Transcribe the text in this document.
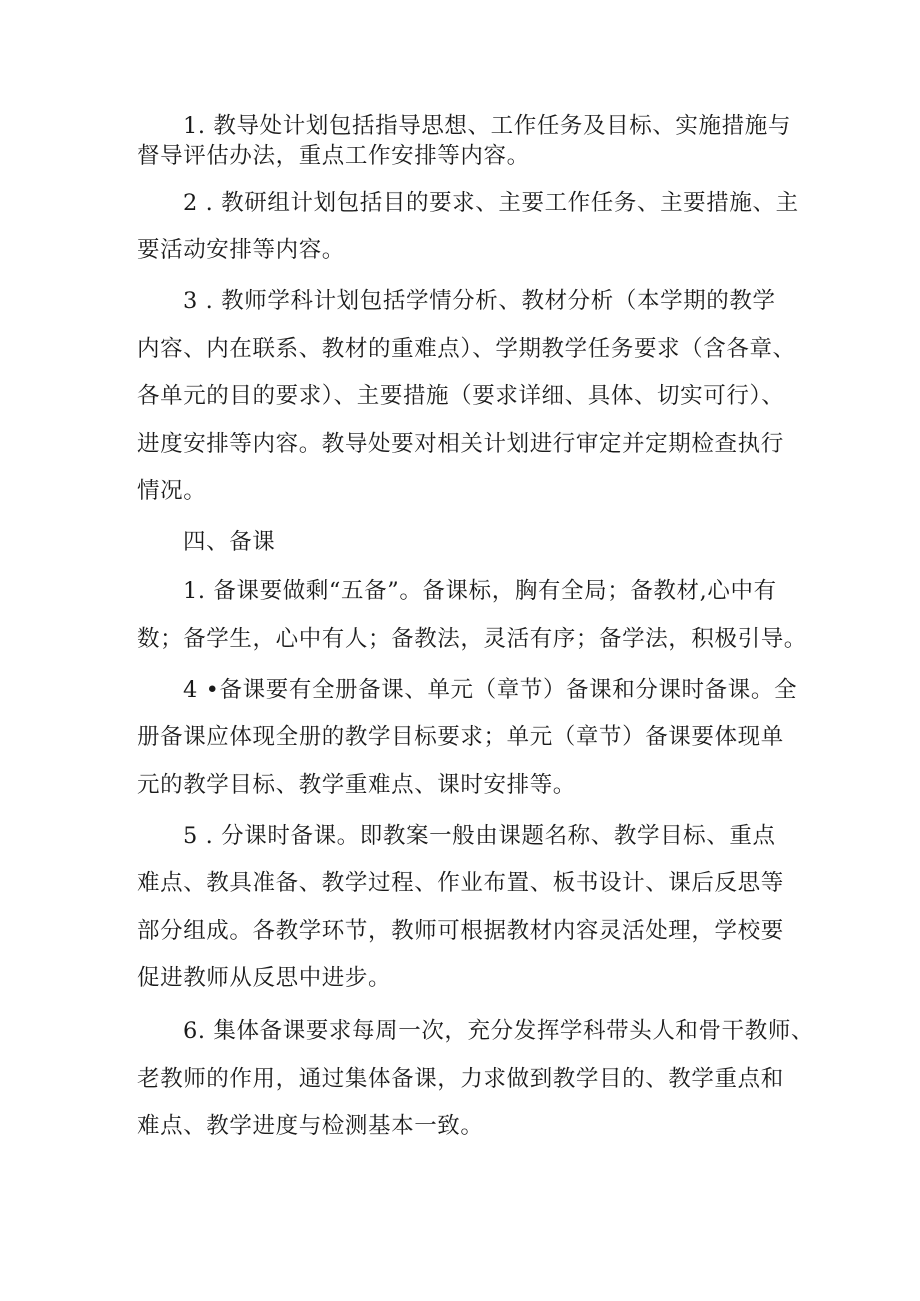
1. 教导处计划包括指导思想、工作任务及目标、实施措施与
督导评估办法，重点工作安排等内容。
2 . 教研组计划包括目的要求、主要工作任务、主要措施、主
要活动安排等内容。
3 . 教师学科计划包括学情分析、教材分析（本学期的教学
内容、内在联系、教材的重难点）、学期教学任务要求（含各章、
各单元的目的要求）、主要措施（要求详细、具体、切实可行）、
进度安排等内容。教导处要对相关计划进行审定并定期检查执行
情况。
四、备课
1. 备课要做剩“五备”。备课标，胸有全局；备教材,心中有
数；备学生，心中有人；备教法，灵活有序；备学法，积极引导。
4 •备课要有全册备课、单元（章节）备课和分课时备课。全
册备课应体现全册的教学目标要求；单元（章节）备课要体现单
元的教学目标、教学重难点、课时安排等。
5 . 分课时备课。即教案一般由课题名称、教学目标、重点
难点、教具准备、教学过程、作业布置、板书设计、课后反思等
部分组成。各教学环节，教师可根据教材内容灵活处理，学校要
促进教师从反思中进步。
6. 集体备课要求每周一次，充分发挥学科带头人和骨干教师、
老教师的作用，通过集体备课，力求做到教学目的、教学重点和
难点、教学进度与检测基本一致。
